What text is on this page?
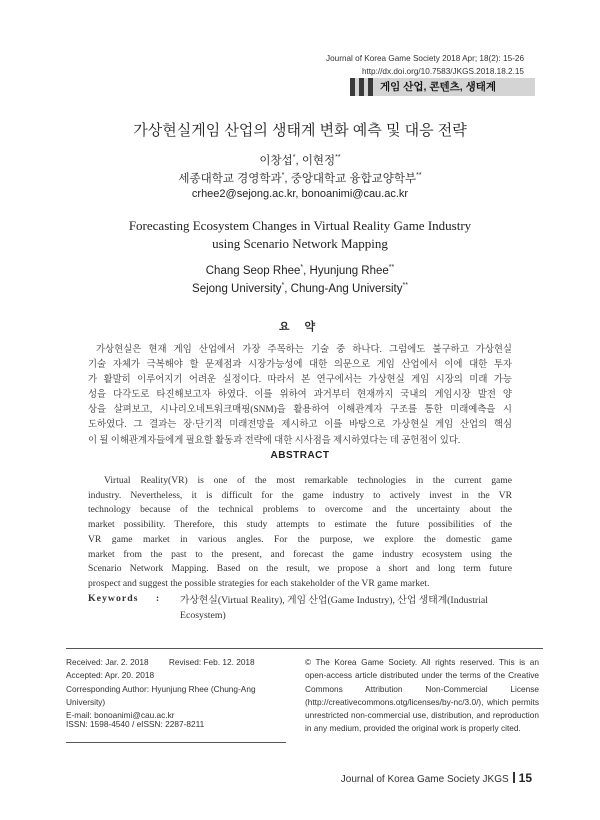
Journal of Korea Game Society 2018 Apr; 18(2): 15-26
http://dx.doi.org/10.7583/JKGS.2018.18.2.15
게임 산업, 콘텐츠, 생태계
가상현실게임 산업의 생태계 변화 예측 및 대응 전략
이창섭*, 이현정**
세종대학교 경영학과*, 중앙대학교 융합교양학부**
crhee2@sejong.ac.kr, bonoanimi@cau.ac.kr
Forecasting Ecosystem Changes in Virtual Reality Game Industry
using Scenario Network Mapping
Chang Seop Rhee*, Hyunjung Rhee**
Sejong University*, Chung-Ang University**
요 약
가상현실은 현재 게임 산업에서 가장 주목하는 기술 중 하나다. 그럼에도 불구하고 가상현실
기술 자체가 극복해야 할 문제점과 시장가능성에 대한 의문으로 게임 산업에서 이에 대한 투자
가 활발히 이루어지기 어려운 실정이다. 따라서 본 연구에서는 가상현실 게임 시장의 미래 가능
성을 다각도로 타진해보고자 하였다. 이를 위하여 과거부터 현재까지 국내의 게임시장 발전 양
상을 살펴보고, 시나리오네트워크매핑(SNM)을 활용하여 이해관계자 구조를 통한 미래예측을 시
도하였다. 그 결과는 장·단기적 미래전망을 제시하고 이를 바탕으로 가상현실 게임 산업의 핵심
이 될 이해관계자들에게 필요할 활동과 전략에 대한 시사점을 제시하였다는 데 공헌점이 있다.
ABSTRACT
Virtual Reality(VR) is one of the most remarkable technologies in the current game
industry. Nevertheless, it is difficult for the game industry to actively invest in the VR
technology because of the technical problems to overcome and the uncertainty about the
market possibility. Therefore, this study attempts to estimate the future possibilities of the
VR game market in various angles. For the purpose, we explore the domestic game
market from the past to the present, and forecast the game industry ecosystem using the
Scenario Network Mapping. Based on the result, we propose a short and long term future
prospect and suggest the possible strategies for each stakeholder of the VR game market.
Keywords : 가상현실(Virtual Reality), 게임 산업(Game Industry), 산업 생태계(Industrial
Ecosystem)
Received: Jar. 2. 2018 Revised: Feb. 12. 2018
Accepted: Apr. 20. 2018
Corresponding Author: Hyunjung Rhee (Chung-Ang University)
E-mail: bonoanimi@cau.ac.kr
ISSN: 1598-4540 / eISSN: 2287-8211
© The Korea Game Society. All rights reserved. This is an open-access article distributed under the terms of the Creative Commons Attribution Non-Commercial License (http://creativecommons.otg/licenses/by-nc/3.0/), which permits unrestricted non-commercial use, distribution, and reproduction in any medium, provided the original work is properly cited.
Journal of Korea Game Society JKGS 15
